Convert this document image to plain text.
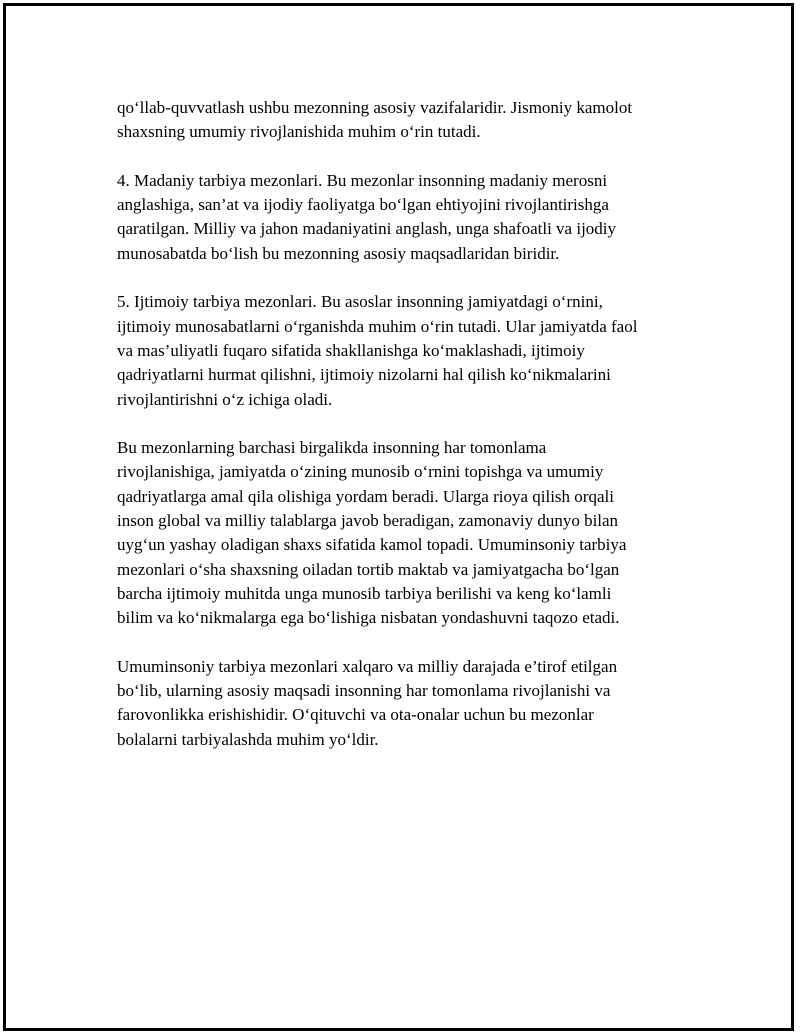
qo‘llab-quvvatlash ushbu mezonning asosiy vazifalaridir. Jismoniy kamolot
shaxsning umumiy rivojlanishida muhim o‘rin tutadi.

4. Madaniy tarbiya mezonlari. Bu mezonlar insonning madaniy merosni
anglashiga, san’at va ijodiy faoliyatga bo‘lgan ehtiyojini rivojlantirishga
qaratilgan. Milliy va jahon madaniyatini anglash, unga shafoatli va ijodiy
munosabatda bo‘lish bu mezonning asosiy maqsadlaridan biridir.

5. Ijtimoiy tarbiya mezonlari. Bu asoslar insonning jamiyatdagi o‘rnini,
ijtimoiy munosabatlarni o‘rganishda muhim o‘rin tutadi. Ular jamiyatda faol
va mas’uliyatli fuqaro sifatida shakllanishga ko‘maklashadi, ijtimoiy
qadriyatlarni hurmat qilishni, ijtimoiy nizolarni hal qilish ko‘nikmalarini
rivojlantirishni o‘z ichiga oladi.

Bu mezonlarning barchasi birgalikda insonning har tomonlama
rivojlanishiga, jamiyatda o‘zining munosib o‘rnini topishga va umumiy
qadriyatlarga amal qila olishiga yordam beradi. Ularga rioya qilish orqali
inson global va milliy talablarga javob beradigan, zamonaviy dunyo bilan
uyg‘un yashay oladigan shaxs sifatida kamol topadi. Umuminsoniy tarbiya
mezonlari o‘sha shaxsning oiladan tortib maktab va jamiyatgacha bo‘lgan
barcha ijtimoiy muhitda unga munosib tarbiya berilishi va keng ko‘lamli
bilim va ko‘nikmalarga ega bo‘lishiga nisbatan yondashuvni taqozo etadi.

Umuminsoniy tarbiya mezonlari xalqaro va milliy darajada e’tirof etilgan
bo‘lib, ularning asosiy maqsadi insonning har tomonlama rivojlanishi va
farovonlikka erishishidir. O‘qituvchi va ota-onalar uchun bu mezonlar
bolalarni tarbiyalashda muhim yo‘ldir.
